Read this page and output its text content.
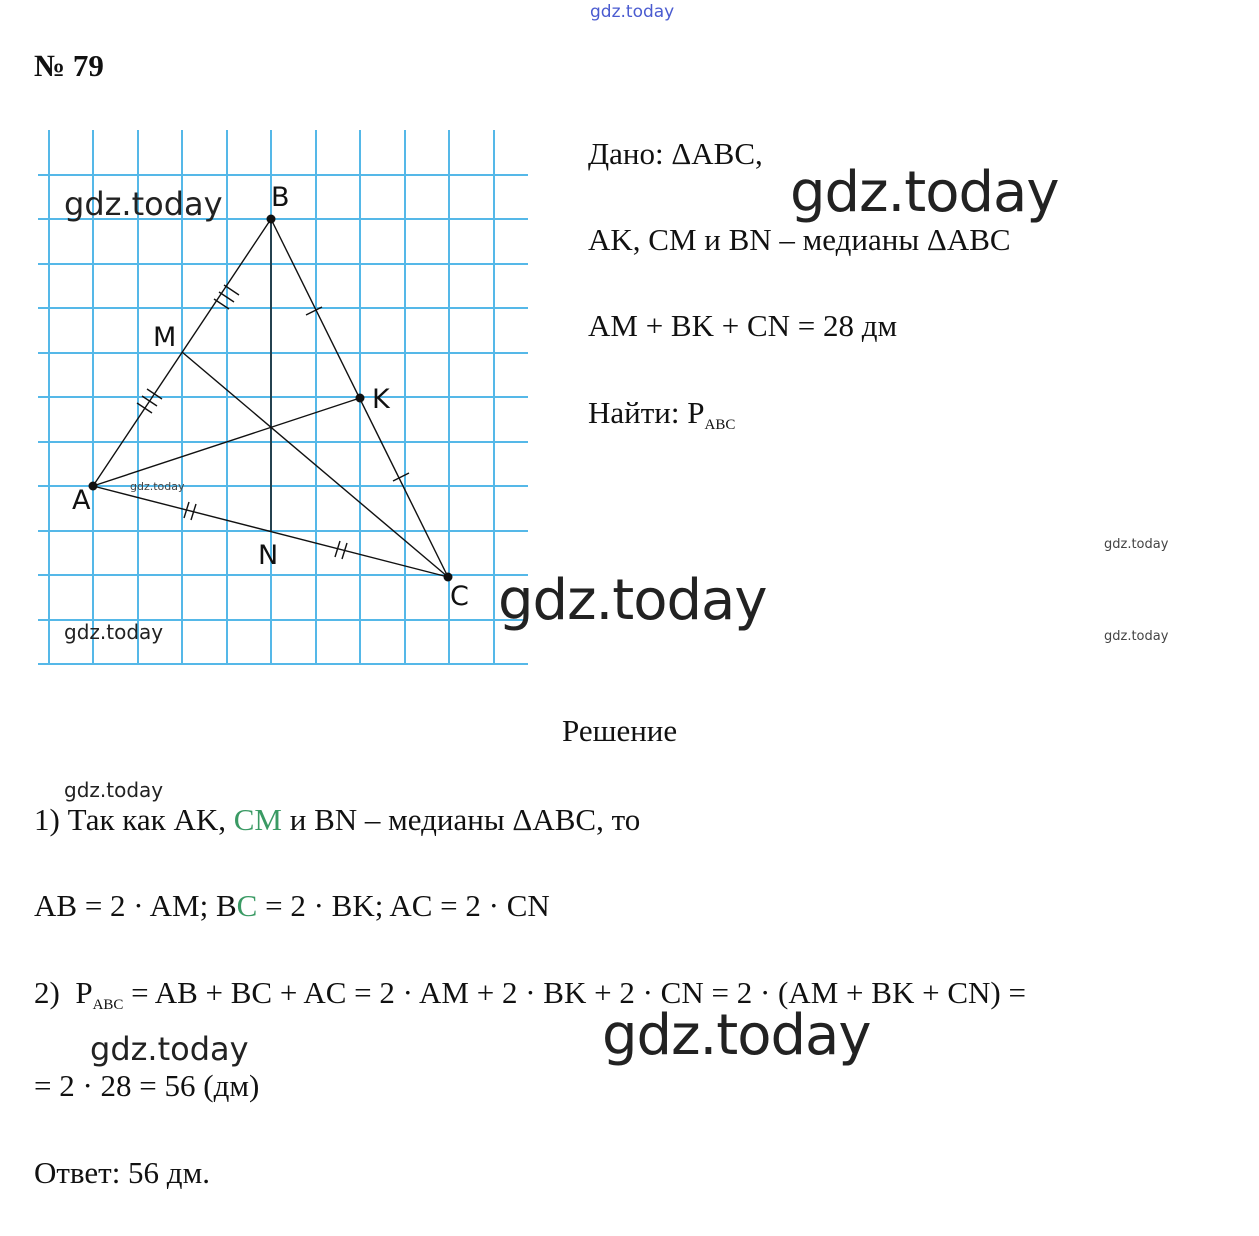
gdz.today
№ 79
A
B
C
K
M
N
gdz.today
gdz.today
gdz.today
Дано: ΔABC,
gdz.today
AK, CM и BN – медианы ΔABC
AM + BK + CN = 28 дм
Найти: $P_{ABC}$
gdz.today
gdz.today
gdz.today
Решение
gdz.today
1) Так как AK, CM и BN – медианы ΔABC, то
AB = 2 · AM; BC = 2 · BK; AC = 2 · CN
2) $P_{ABC}$ = AB + BC + AC = 2 · AM + 2 · BK + 2 · CN = 2 · (AM + BK + CN) =
gdz.today
gdz.today
= 2 · 28 = 56 (дм)
Ответ: 56 дм.
